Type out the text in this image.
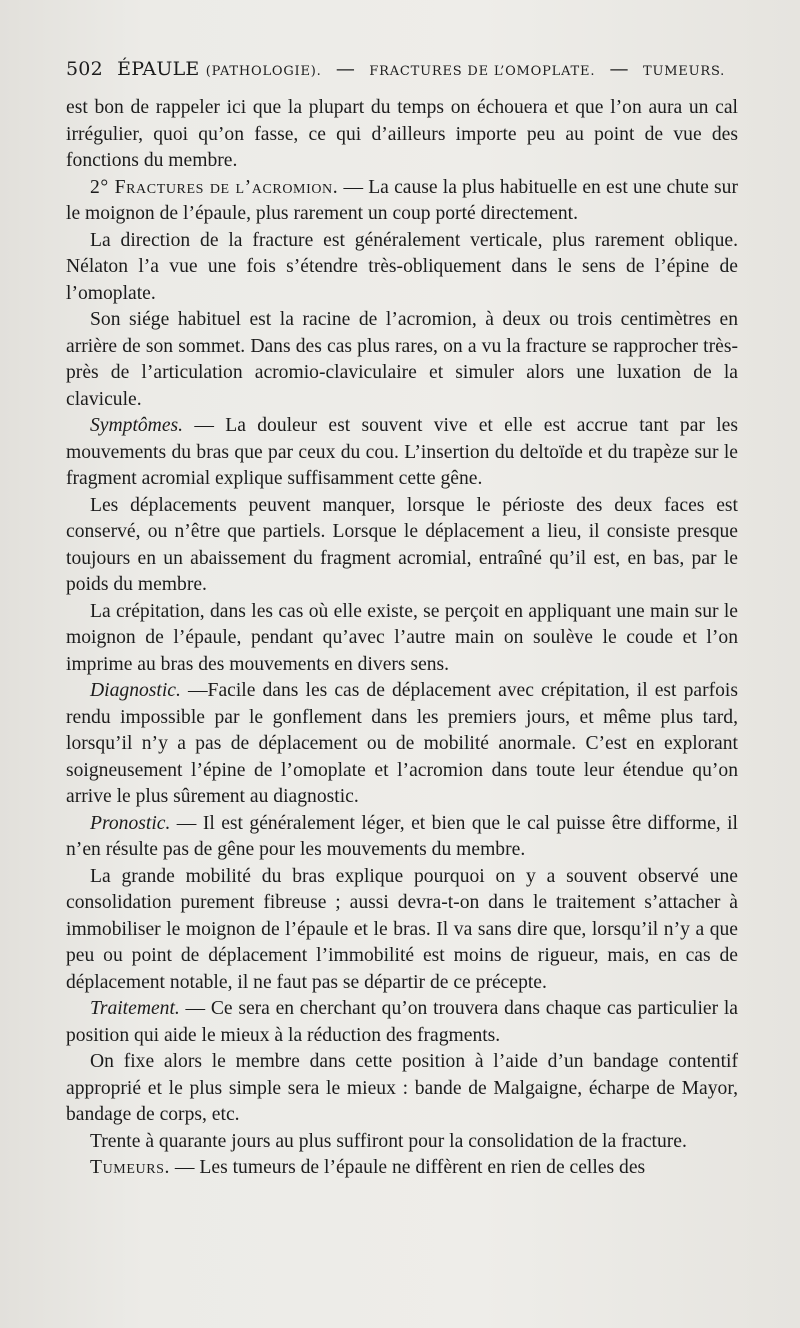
502 ÉPAULE (PATHOLOGIE). — FRACTURES DE L’OMOPLATE. — TUMEURS.

est bon de rappeler ici que la plupart du temps on échouera et que l’on aura un cal irrégulier, quoi qu’on fasse, ce qui d’ailleurs importe peu au point de vue des fonctions du membre.

2° Fractures de l’acromion. — La cause la plus habituelle en est une chute sur le moignon de l’épaule, plus rarement un coup porté directement.

La direction de la fracture est généralement verticale, plus rarement oblique. Nélaton l’a vue une fois s’étendre très-obliquement dans le sens de l’épine de l’omoplate.

Son siége habituel est la racine de l’acromion, à deux ou trois centimètres en arrière de son sommet. Dans des cas plus rares, on a vu la fracture se rapprocher très-près de l’articulation acromio-claviculaire et simuler alors une luxation de la clavicule.

Symptômes. — La douleur est souvent vive et elle est accrue tant par les mouvements du bras que par ceux du cou. L’insertion du deltoïde et du trapèze sur le fragment acromial explique suffisamment cette gêne.

Les déplacements peuvent manquer, lorsque le périoste des deux faces est conservé, ou n’être que partiels. Lorsque le déplacement a lieu, il consiste presque toujours en un abaissement du fragment acromial, entraîné qu’il est, en bas, par le poids du membre.

La crépitation, dans les cas où elle existe, se perçoit en appliquant une main sur le moignon de l’épaule, pendant qu’avec l’autre main on soulève le coude et l’on imprime au bras des mouvements en divers sens.

Diagnostic. —Facile dans les cas de déplacement avec crépitation, il est parfois rendu impossible par le gonflement dans les premiers jours, et même plus tard, lorsqu’il n’y a pas de déplacement ou de mobilité anormale. C’est en explorant soigneusement l’épine de l’omoplate et l’acromion dans toute leur étendue qu’on arrive le plus sûrement au diagnostic.

Pronostic. — Il est généralement léger, et bien que le cal puisse être difforme, il n’en résulte pas de gêne pour les mouvements du membre.

La grande mobilité du bras explique pourquoi on y a souvent observé une consolidation purement fibreuse ; aussi devra-t-on dans le traitement s’attacher à immobiliser le moignon de l’épaule et le bras. Il va sans dire que, lorsqu’il n’y a que peu ou point de déplacement l’immobilité est moins de rigueur, mais, en cas de déplacement notable, il ne faut pas se départir de ce précepte.

Traitement. — Ce sera en cherchant qu’on trouvera dans chaque cas particulier la position qui aide le mieux à la réduction des fragments.

On fixe alors le membre dans cette position à l’aide d’un bandage contentif approprié et le plus simple sera le mieux : bande de Malgaigne, écharpe de Mayor, bandage de corps, etc.

Trente à quarante jours au plus suffiront pour la consolidation de la fracture.

Tumeurs. — Les tumeurs de l’épaule ne diffèrent en rien de celles des
